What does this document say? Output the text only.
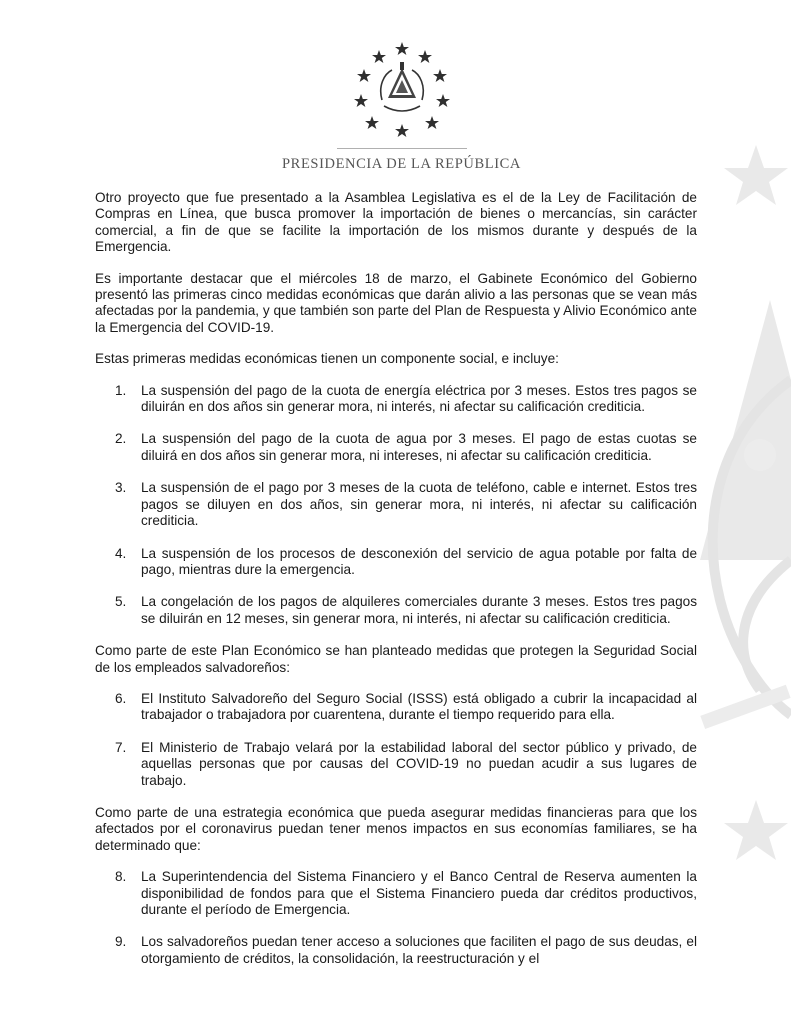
PRESIDENCIA DE LA REPÚBLICA

Otro proyecto que fue presentado a la Asamblea Legislativa es el de la Ley de Facilitación de Compras en Línea, que busca promover la importación de bienes o mercancías, sin carácter comercial, a fin de que se facilite la importación de los mismos durante y después de la Emergencia.

Es importante destacar que el miércoles 18 de marzo, el Gabinete Económico del Gobierno presentó las primeras cinco medidas económicas que darán alivio a las personas que se vean más afectadas por la pandemia, y que también son parte del Plan de Respuesta y Alivio Económico ante la Emergencia del COVID-19.

Estas primeras medidas económicas tienen un componente social, e incluye:

1.	La suspensión del pago de la cuota de energía eléctrica por 3 meses. Estos tres pagos se diluirán en dos años sin generar mora, ni interés, ni afectar su calificación crediticia.
2.	La suspensión del pago de la cuota de agua por 3 meses. El pago de estas cuotas se diluirá en dos años sin generar mora, ni intereses, ni afectar su calificación crediticia.
3.	La suspensión de el pago por 3 meses de la cuota de teléfono, cable e internet. Estos tres pagos se diluyen en dos años, sin generar mora, ni interés, ni afectar su calificación crediticia.
4.	La suspensión de los procesos de desconexión del servicio de agua potable por falta de pago, mientras dure la emergencia.
5.	La congelación de los pagos de alquileres comerciales durante 3 meses. Estos tres pagos se diluirán en 12 meses, sin generar mora, ni interés, ni afectar su calificación crediticia.

Como parte de este Plan Económico se han planteado medidas que protegen la Seguridad Social de los empleados salvadoreños:

6.	El Instituto Salvadoreño del Seguro Social (ISSS) está obligado a cubrir la incapacidad al trabajador o trabajadora por cuarentena, durante el tiempo requerido para ella.
7.	El Ministerio de Trabajo velará por la estabilidad laboral del sector público y privado, de aquellas personas que por causas del COVID-19 no puedan acudir a sus lugares de trabajo.

Como parte de una estrategia económica que pueda asegurar medidas financieras para que los afectados por el coronavirus puedan tener menos impactos en sus economías familiares, se ha determinado que:

8.	La Superintendencia del Sistema Financiero y el Banco Central de Reserva aumenten la disponibilidad de fondos para que el Sistema Financiero pueda dar créditos productivos, durante el período de Emergencia.
9.	Los salvadoreños puedan tener acceso a soluciones que faciliten el pago de sus deudas, el otorgamiento de créditos, la consolidación, la reestructuración y el
